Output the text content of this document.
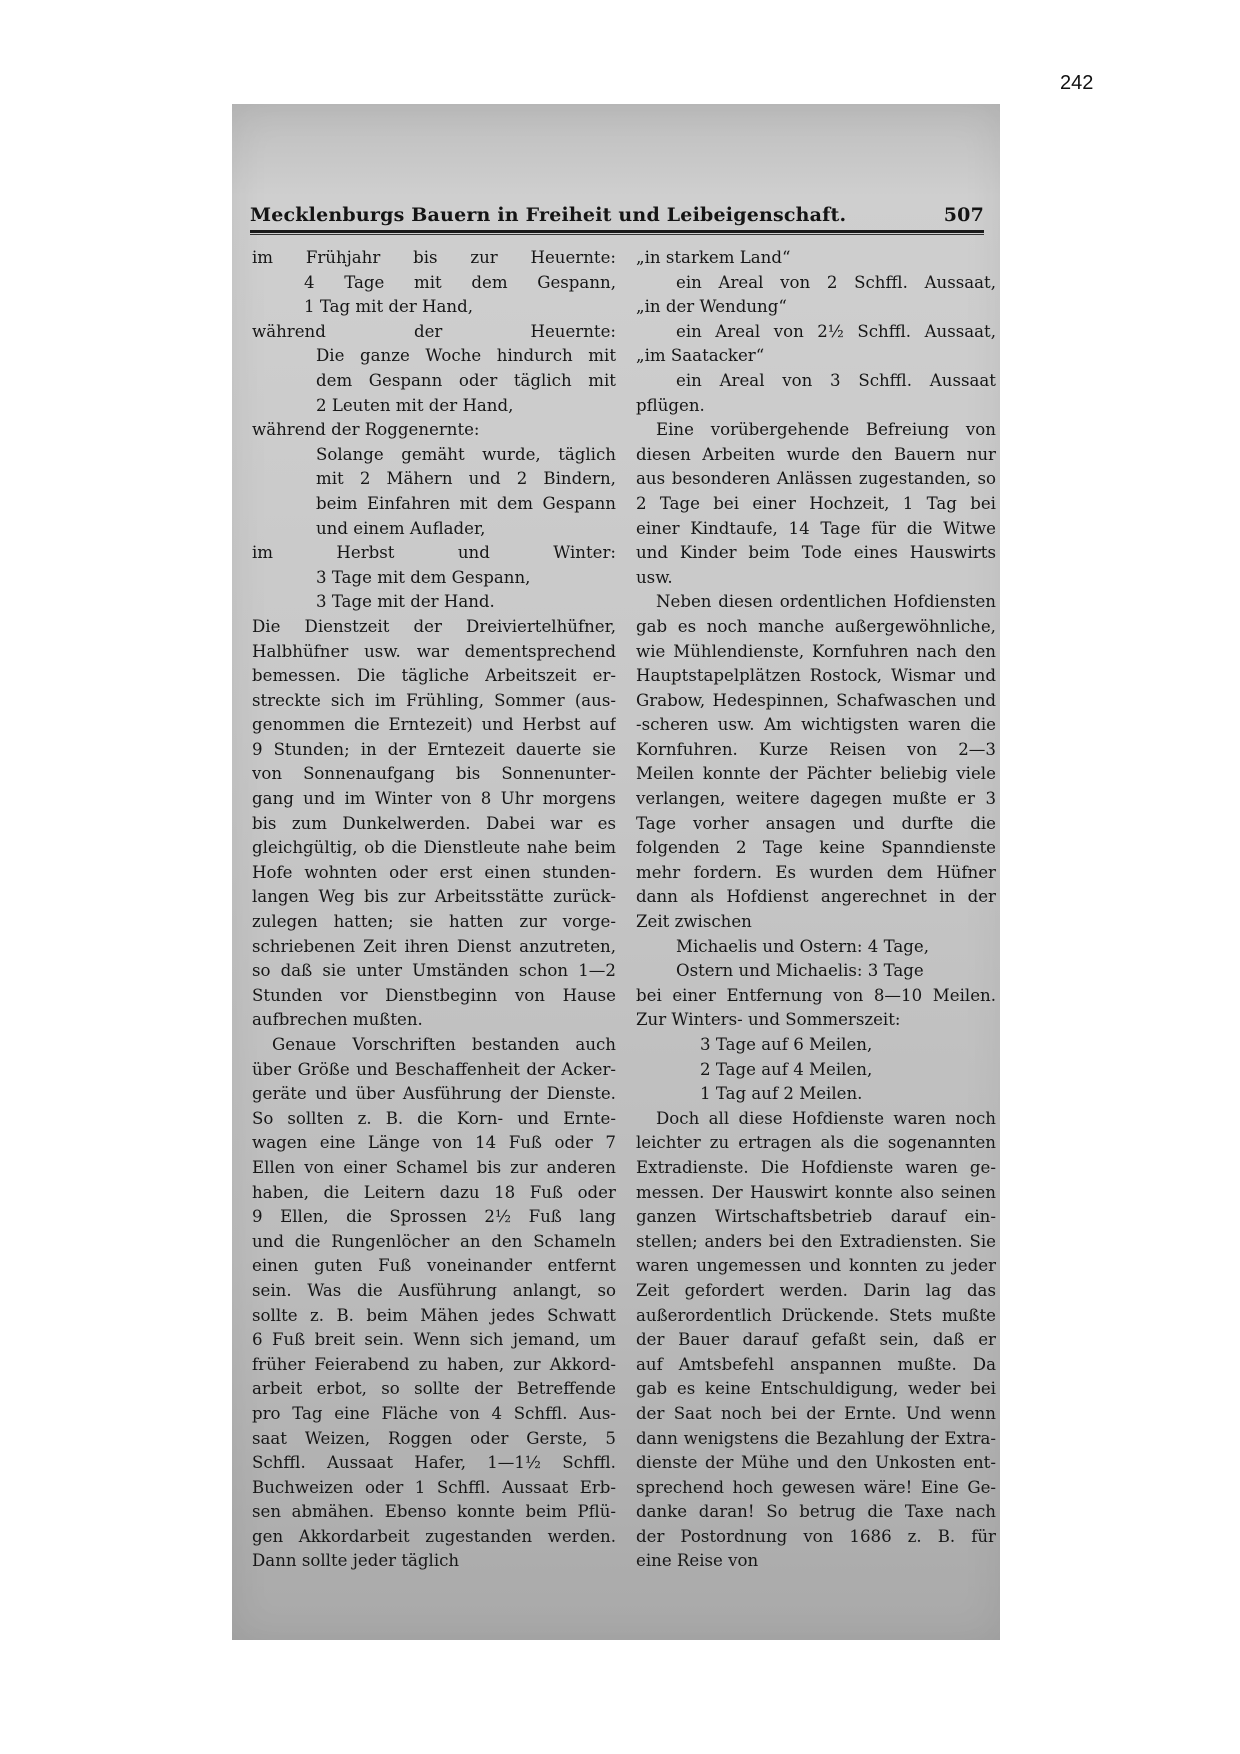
242
Mecklenburgs Bauern in Freiheit und Leibeigenschaft.	507

im Frühjahr bis zur Heuernte:

4 Tage mit dem Gespann,

1 Tag mit der Hand,

während	der	Heuernte:

Die ganze Woche hindurch mit

dem Gespann oder täglich mit

2 Leuten mit der Hand,

während der Roggenernte:

Solange gemäht wurde, täglich

mit 2 Mähern und 2 Bindern,

beim Einfahren mit dem Gespann

und einem Auflader,

im	Herbst	und	Winter:

3 Tage mit dem Gespann,

3 Tage mit der Hand.

Die Dienstzeit der Dreiviertelhüfner,

Halbhüfner usw. war dementsprechend

bemessen. Die tägliche Arbeitszeit er-

streckte sich im Frühling, Sommer (aus-

genommen die Erntezeit) und Herbst auf

9 Stunden; in der Erntezeit dauerte sie

von Sonnenaufgang bis Sonnenunter-

gang und im Winter von 8 Uhr morgens

bis zum Dunkelwerden. Dabei war es

gleichgültig, ob die Dienstleute nahe beim

Hofe wohnten oder erst einen stunden-

langen Weg bis zur Arbeitsstätte zurück-

zulegen hatten; sie hatten zur vorge-

schriebenen Zeit ihren Dienst anzutreten,

so daß sie unter Umständen schon 1—2

Stunden vor Dienstbeginn von Hause

aufbrechen mußten.

Genaue Vorschriften bestanden auch

über Größe und Beschaffenheit der Acker-

geräte und über Ausführung der Dienste.

So sollten z. B. die Korn- und Ernte-

wagen eine Länge von 14 Fuß oder 7

Ellen von einer Schamel bis zur anderen

haben, die Leitern dazu 18 Fuß oder

9 Ellen, die Sprossen 2½ Fuß lang

und die Rungenlöcher an den Schameln

einen guten Fuß voneinander entfernt

sein. Was die Ausführung anlangt, so

sollte z. B. beim Mähen jedes Schwatt

6 Fuß breit sein. Wenn sich jemand, um

früher Feierabend zu haben, zur Akkord-

arbeit erbot, so sollte der Betreffende

pro Tag eine Fläche von 4 Schffl. Aus-

saat Weizen, Roggen oder Gerste, 5

Schffl. Aussaat Hafer, 1—1½ Schffl.

Buchweizen oder 1 Schffl. Aussaat Erb-

sen abmähen. Ebenso konnte beim Pflü-

gen Akkordarbeit zugestanden werden.

Dann sollte jeder täglich

„in starkem Land“

ein Areal von 2 Schffl. Aussaat,

„in der Wendung“

ein Areal von 2½ Schffl. Aussaat,

„im Saatacker“

ein Areal von 3 Schffl. Aussaat

pflügen.

Eine vorübergehende Befreiung von

diesen Arbeiten wurde den Bauern nur

aus besonderen Anlässen zugestanden, so

2 Tage bei einer Hochzeit, 1 Tag bei

einer Kindtaufe, 14 Tage für die Witwe

und Kinder beim Tode eines Hauswirts

usw.

Neben diesen ordentlichen Hofdiensten

gab es noch manche außergewöhnliche,

wie Mühlendienste, Kornfuhren nach den

Hauptstapelplätzen Rostock, Wismar und

Grabow, Hedespinnen, Schafwaschen und

-scheren usw. Am wichtigsten waren die

Kornfuhren. Kurze Reisen von 2—3

Meilen konnte der Pächter beliebig viele

verlangen, weitere dagegen mußte er 3

Tage vorher ansagen und durfte die

folgenden 2 Tage keine Spanndienste

mehr fordern. Es wurden dem Hüfner

dann als Hofdienst angerechnet in der

Zeit zwischen

Michaelis und Ostern: 4 Tage,

Ostern und Michaelis: 3 Tage

bei einer Entfernung von 8—10 Meilen.

Zur Winters- und Sommerszeit:

3 Tage auf 6 Meilen,

2 Tage auf 4 Meilen,

1 Tag auf 2 Meilen.

Doch all diese Hofdienste waren noch

leichter zu ertragen als die sogenannten

Extradienste. Die Hofdienste waren ge-

messen. Der Hauswirt konnte also seinen

ganzen Wirtschaftsbetrieb darauf ein-

stellen; anders bei den Extradiensten. Sie

waren ungemessen und konnten zu jeder

Zeit gefordert werden. Darin lag das

außerordentlich Drückende. Stets mußte

der Bauer darauf gefaßt sein, daß er

auf Amtsbefehl anspannen mußte. Da

gab es keine Entschuldigung, weder bei

der Saat noch bei der Ernte. Und wenn

dann wenigstens die Bezahlung der Extra-

dienste der Mühe und den Unkosten ent-

sprechend hoch gewesen wäre! Eine Ge-

danke daran! So betrug die Taxe nach

der Postordnung von 1686 z. B. für

eine Reise von
